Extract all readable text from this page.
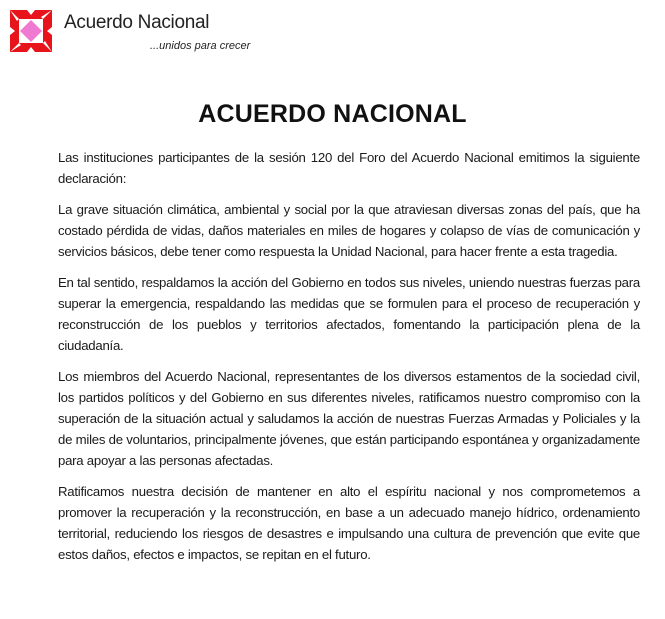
Acuerdo Nacional
...unidos para crecer
ACUERDO NACIONAL

Las instituciones participantes de la sesión 120 del Foro del Acuerdo Nacional emitimos la siguiente declaración:

La grave situación climática, ambiental y social por la que atraviesan diversas zonas del país, que ha costado pérdida de vidas, daños materiales en miles de hogares y colapso de vías de comunicación y servicios básicos, debe tener como respuesta la Unidad Nacional, para hacer frente a esta tragedia.

En tal sentido, respaldamos la acción del Gobierno en todos sus niveles, uniendo nuestras fuerzas para superar la emergencia, respaldando las medidas que se formulen para el proceso de recuperación y reconstrucción de los pueblos y territorios afectados, fomentando la participación plena de la ciudadanía.

Los miembros del Acuerdo Nacional, representantes de los diversos estamentos de la sociedad civil, los partidos políticos y del Gobierno en sus diferentes niveles, ratificamos nuestro compromiso con la superación de la situación actual y saludamos la acción de nuestras Fuerzas Armadas y Policiales y la de miles de voluntarios, principalmente jóvenes, que están participando espontánea y organizadamente para apoyar a las personas afectadas.

Ratificamos nuestra decisión de mantener en alto el espíritu nacional y nos comprometemos a promover la recuperación y la reconstrucción, en base a un adecuado manejo hídrico, ordenamiento territorial, reduciendo los riesgos de desastres e impulsando una cultura de prevención que evite que estos daños, efectos e impactos, se repitan en el futuro.
